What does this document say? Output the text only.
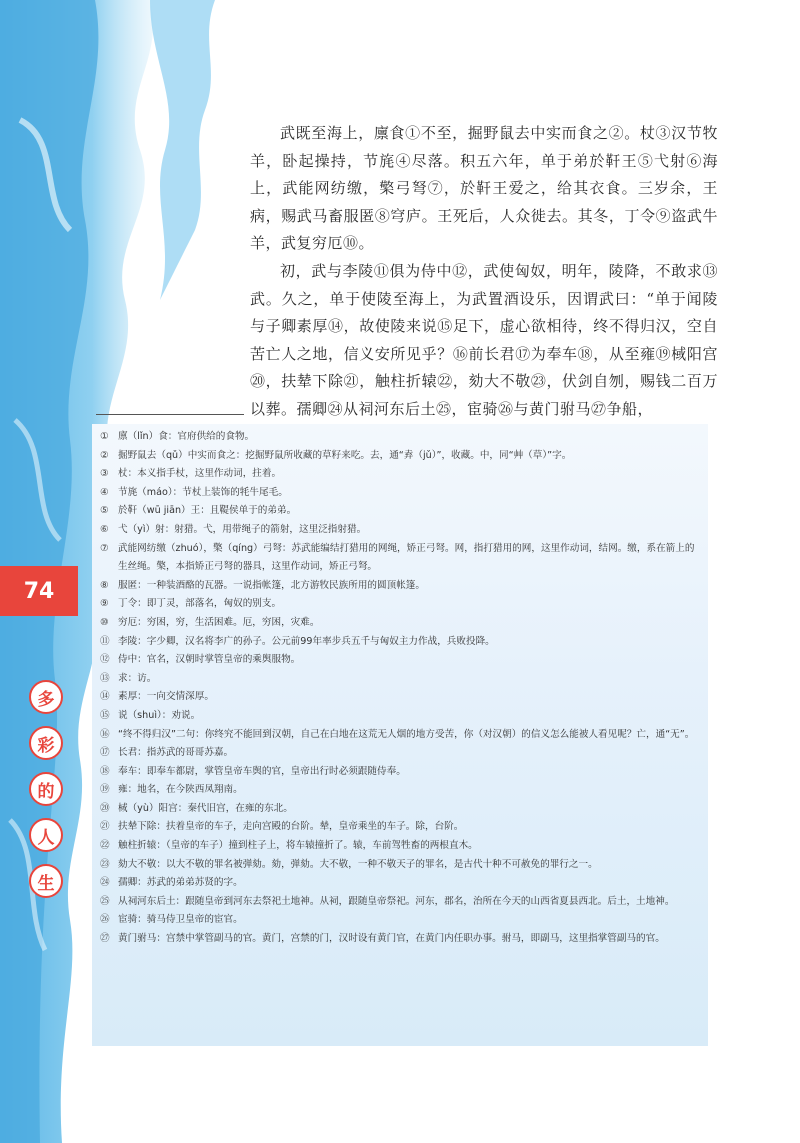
74
多
彩
的
人
生

武既至海上，廪食①不至，掘野鼠去中实而食之②。杖③汉节牧羊，卧起操持，节旄④尽落。积五六年，单于弟於靬王⑤弋射⑥海上，武能网纺缴，檠弓弩⑦，於靬王爱之，给其衣食。三岁余，王病，赐武马畜服匿⑧穹庐。王死后，人众徙去。其冬，丁令⑨盗武牛羊，武复穷厄⑩。

初，武与李陵⑪俱为侍中⑫，武使匈奴，明年，陵降，不敢求⑬武。久之，单于使陵至海上，为武置酒设乐，因谓武曰：“单于闻陵与子卿素厚⑭，故使陵来说⑮足下，虚心欲相待，终不得归汉，空自苦亡人之地，信义安所见乎？⑯前长君⑰为奉车⑱，从至雍⑲棫阳宫⑳，扶辇下除㉑，触柱折辕㉒，劾大不敬㉓，伏剑自刎，赐钱二百万以葬。孺卿㉔从祠河东后土㉕，宦骑㉖与黄门驸马㉗争船，

① 廪（lǐn）食：官府供给的食物。
② 掘野鼠去（qǔ）中实而食之：挖掘野鼠所收藏的草籽来吃。去，通“弆（jǔ）”，收藏。中，同“艸（草）”字。
③ 杖：本义指手杖，这里作动词，拄着。
④ 节旄（máo）：节杖上装饰的牦牛尾毛。
⑤ 於靬（wū jiān）王：且鞮侯单于的弟弟。
⑥ 弋（yì）射：射猎。弋，用带绳子的箭射，这里泛指射猎。
⑦ 武能网纺缴（zhuó），檠（qíng）弓弩：苏武能编结打猎用的网绳，矫正弓弩。网，指打猎用的网，这里作动词，结网。缴，系在箭上的生丝绳。檠，本指矫正弓弩的器具，这里作动词，矫正弓弩。
⑧ 服匿：一种装酒酪的瓦器。一说指帐篷，北方游牧民族所用的圆顶帐篷。
⑨ 丁令：即丁灵，部落名，匈奴的别支。
⑩ 穷厄：穷困，穷，生活困难。厄，穷困，灾难。
⑪ 李陵：字少卿，汉名将李广的孙子。公元前99年率步兵五千与匈奴主力作战，兵败投降。
⑫ 侍中：官名，汉朝时掌管皇帝的乘舆服物。
⑬ 求：访。
⑭ 素厚：一向交情深厚。
⑮ 说（shuì）：劝说。
⑯ “终不得归汉”二句：你终究不能回到汉朝，自己在白地在这荒无人烟的地方受苦，你（对汉朝）的信义怎么能被人看见呢？亡，通“无”。
⑰ 长君：指苏武的哥哥苏嘉。
⑱ 奉车：即奉车都尉，掌管皇帝车舆的官，皇帝出行时必须跟随侍奉。
⑲ 雍：地名，在今陕西凤翔南。
⑳ 棫（yù）阳宫：秦代旧宫，在雍的东北。
㉑ 扶辇下除：扶着皇帝的车子，走向宫殿的台阶。辇，皇帝乘坐的车子。除，台阶。
㉒ 触柱折辕：（皇帝的车子）撞到柱子上，将车辕撞折了。辕，车前驾牲畜的两根直木。
㉓ 劾大不敬：以大不敬的罪名被弹劾。劾，弹劾。大不敬，一种不敬天子的罪名，是古代十种不可赦免的罪行之一。
㉔ 孺卿：苏武的弟弟苏贤的字。
㉕ 从祠河东后土：跟随皇帝到河东去祭祀土地神。从祠，跟随皇帝祭祀。河东，郡名，治所在今天的山西省夏县西北。后土，土地神。
㉖ 宦骑：骑马侍卫皇帝的宦官。
㉗ 黄门驸马：宫禁中掌管副马的官。黄门，宫禁的门，汉时设有黄门官，在黄门内任职办事。驸马，即副马，这里指掌管副马的官。
